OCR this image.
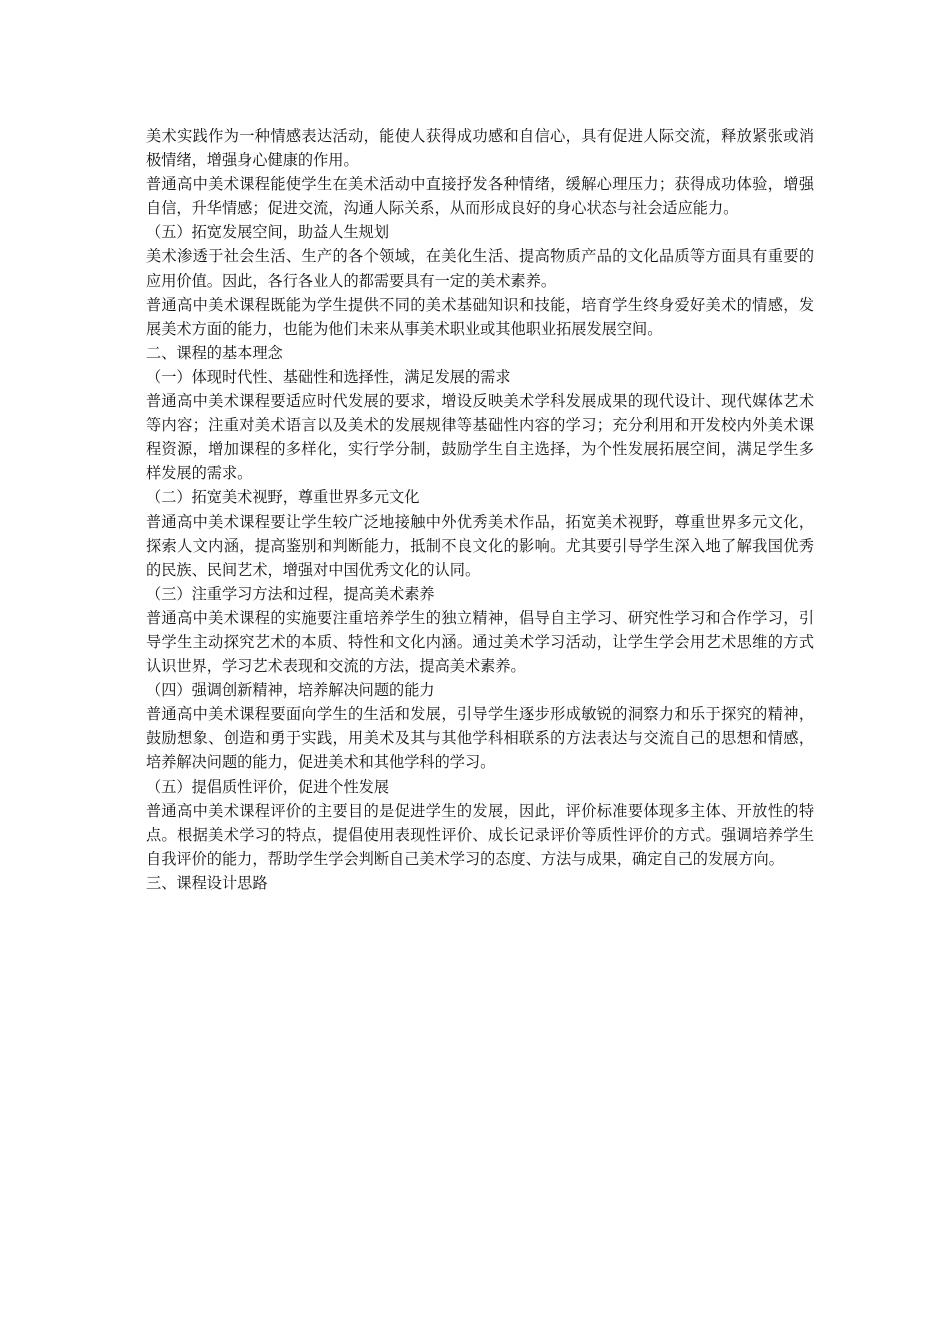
美术实践作为一种情感表达活动，能使人获得成功感和自信心，具有促进人际交流，释放紧张或消极情绪，增强身心健康的作用。

普通高中美术课程能使学生在美术活动中直接抒发各种情绪，缓解心理压力；获得成功体验，增强自信，升华情感；促进交流，沟通人际关系，从而形成良好的身心状态与社会适应能力。

（五）拓宽发展空间，助益人生规划

美术渗透于社会生活、生产的各个领域，在美化生活、提高物质产品的文化品质等方面具有重要的应用价值。因此，各行各业人的都需要具有一定的美术素养。

普通高中美术课程既能为学生提供不同的美术基础知识和技能，培育学生终身爱好美术的情感，发展美术方面的能力，也能为他们未来从事美术职业或其他职业拓展发展空间。

二、课程的基本理念

（一）体现时代性、基础性和选择性，满足发展的需求

普通高中美术课程要适应时代发展的要求，增设反映美术学科发展成果的现代设计、现代媒体艺术等内容；注重对美术语言以及美术的发展规律等基础性内容的学习；充分利用和开发校内外美术课程资源，增加课程的多样化，实行学分制，鼓励学生自主选择，为个性发展拓展空间，满足学生多样发展的需求。

（二）拓宽美术视野，尊重世界多元文化

普通高中美术课程要让学生较广泛地接触中外优秀美术作品，拓宽美术视野，尊重世界多元文化，探索人文内涵，提高鉴别和判断能力，抵制不良文化的影响。尤其要引导学生深入地了解我国优秀的民族、民间艺术，增强对中国优秀文化的认同。

（三）注重学习方法和过程，提高美术素养

普通高中美术课程的实施要注重培养学生的独立精神，倡导自主学习、研究性学习和合作学习，引导学生主动探究艺术的本质、特性和文化内涵。通过美术学习活动，让学生学会用艺术思维的方式认识世界，学习艺术表现和交流的方法，提高美术素养。

（四）强调创新精神，培养解决问题的能力

普通高中美术课程要面向学生的生活和发展，引导学生逐步形成敏锐的洞察力和乐于探究的精神，鼓励想象、创造和勇于实践，用美术及其与其他学科相联系的方法表达与交流自己的思想和情感，培养解决问题的能力，促进美术和其他学科的学习。

（五）提倡质性评价，促进个性发展

普通高中美术课程评价的主要目的是促进学生的发展，因此，评价标准要体现多主体、开放性的特点。根据美术学习的特点，提倡使用表现性评价、成长记录评价等质性评价的方式。强调培养学生自我评价的能力，帮助学生学会判断自己美术学习的态度、方法与成果，确定自己的发展方向。

三、课程设计思路
